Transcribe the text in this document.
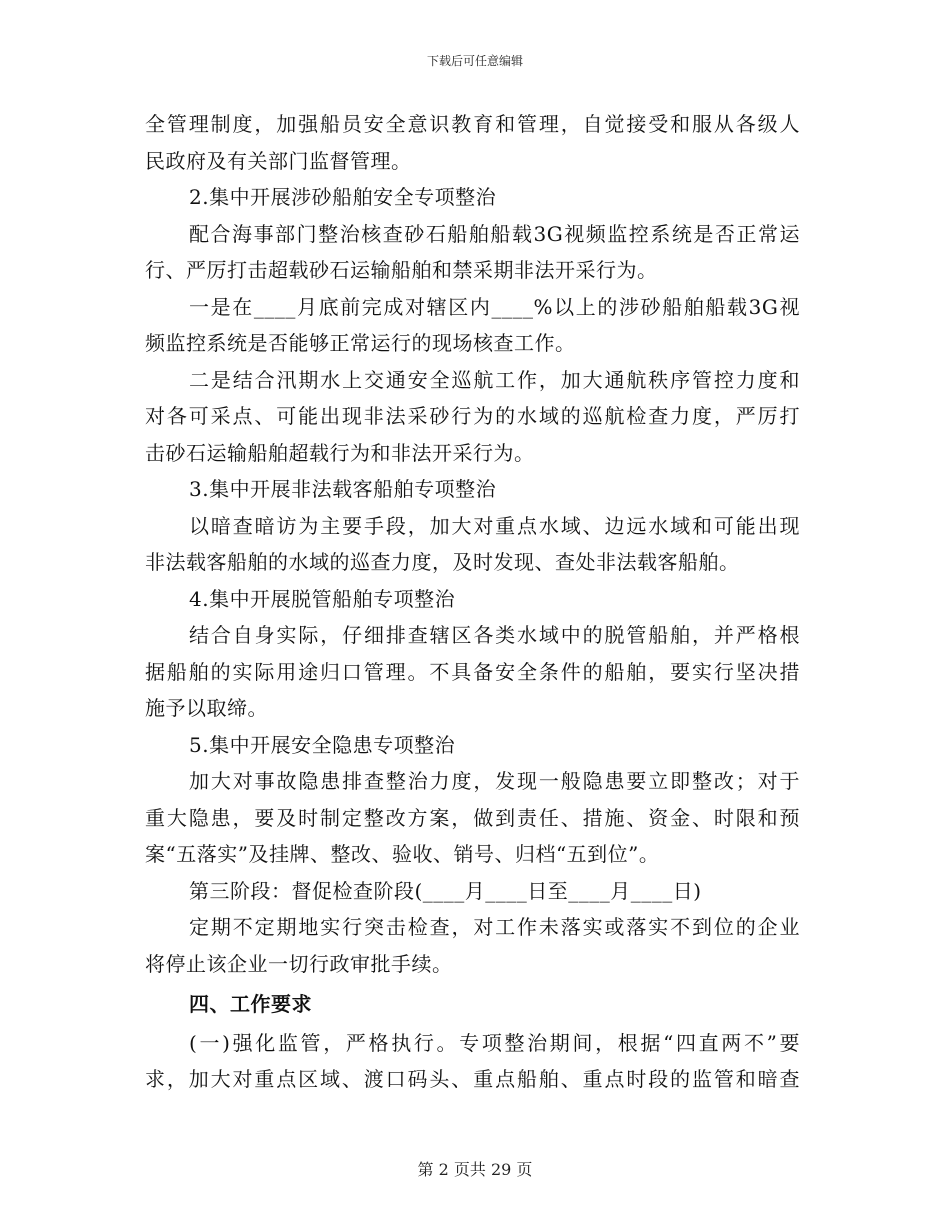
下载后可任意编辑
全管理制度，加强船员安全意识教育和管理，自觉接受和服从各级人
民政府及有关部门监督管理。
2.集中开展涉砂船舶安全专项整治
配合海事部门整治核查砂石船舶船载3G视频监控系统是否正常运
行、严厉打击超载砂石运输船舶和禁采期非法开采行为。
一是在____月底前完成对辖区内____%以上的涉砂船舶船载3G视
频监控系统是否能够正常运行的现场核查工作。
二是结合汛期水上交通安全巡航工作，加大通航秩序管控力度和
对各可采点、可能出现非法采砂行为的水域的巡航检查力度，严厉打
击砂石运输船舶超载行为和非法开采行为。
3.集中开展非法载客船舶专项整治
以暗查暗访为主要手段，加大对重点水域、边远水域和可能出现
非法载客船舶的水域的巡查力度，及时发现、查处非法载客船舶。
4.集中开展脱管船舶专项整治
结合自身实际，仔细排查辖区各类水域中的脱管船舶，并严格根
据船舶的实际用途归口管理。不具备安全条件的船舶，要实行坚决措
施予以取缔。
5.集中开展安全隐患专项整治
加大对事故隐患排查整治力度，发现一般隐患要立即整改；对于
重大隐患，要及时制定整改方案，做到责任、措施、资金、时限和预
案“五落实”及挂牌、整改、验收、销号、归档“五到位”。
第三阶段：督促检查阶段(____月____日至____月____日)
定期不定期地实行突击检查，对工作未落实或落实不到位的企业
将停止该企业一切行政审批手续。
四、工作要求
(一)强化监管，严格执行。专项整治期间，根据“四直两不”要
求，加大对重点区域、渡口码头、重点船舶、重点时段的监管和暗查
第 2 页共 29 页
